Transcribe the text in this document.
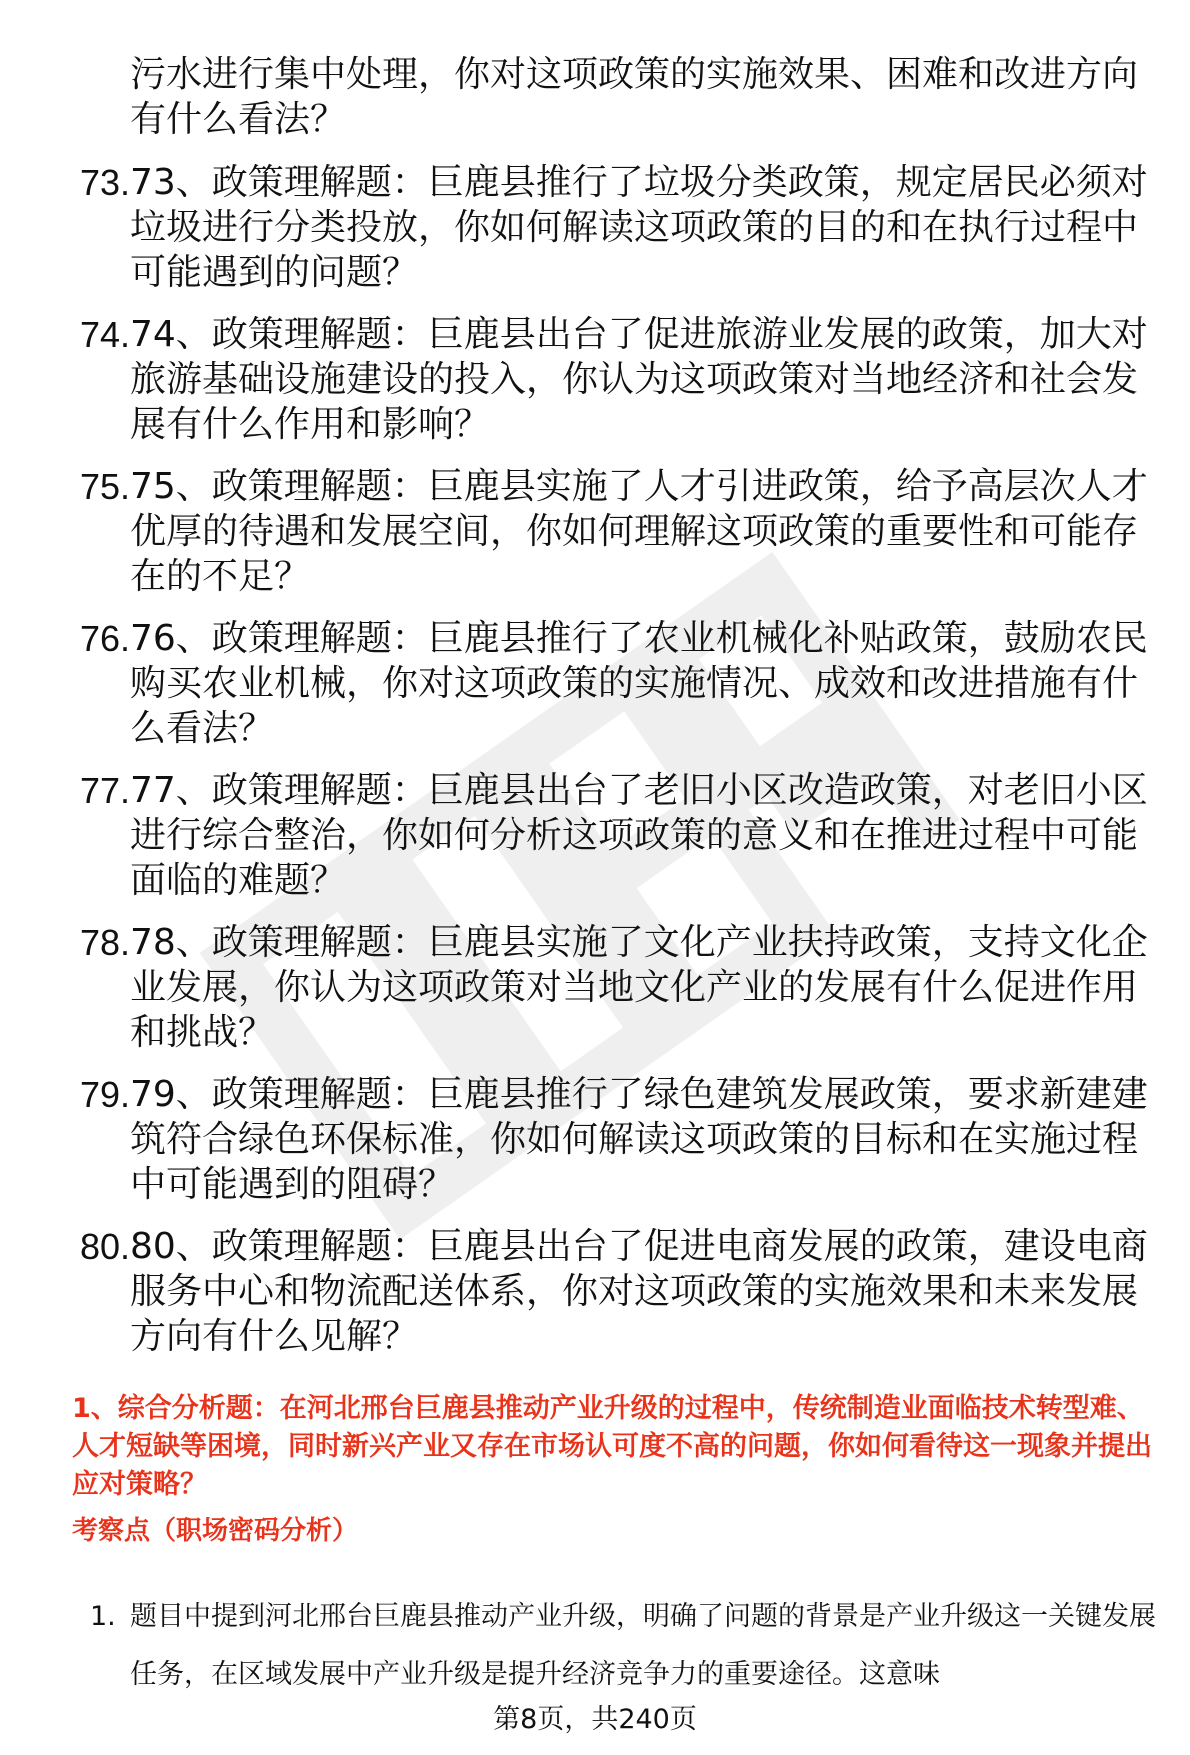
污水进行集中处理，你对这项政策的实施效果、困难和改进方向有什么看法？
73. 73、政策理解题：巨鹿县推行了垃圾分类政策，规定居民必须对垃圾进行分类投放，你如何解读这项政策的目的和在执行过程中可能遇到的问题？
74. 74、政策理解题：巨鹿县出台了促进旅游业发展的政策，加大对旅游基础设施建设的投入，你认为这项政策对当地经济和社会发展有什么作用和影响？
75. 75、政策理解题：巨鹿县实施了人才引进政策，给予高层次人才优厚的待遇和发展空间，你如何理解这项政策的重要性和可能存在的不足？
76. 76、政策理解题：巨鹿县推行了农业机械化补贴政策，鼓励农民购买农业机械，你对这项政策的实施情况、成效和改进措施有什么看法？
77. 77、政策理解题：巨鹿县出台了老旧小区改造政策，对老旧小区进行综合整治，你如何分析这项政策的意义和在推进过程中可能面临的难题？
78. 78、政策理解题：巨鹿县实施了文化产业扶持政策，支持文化企业发展，你认为这项政策对当地文化产业的发展有什么促进作用和挑战？
79. 79、政策理解题：巨鹿县推行了绿色建筑发展政策，要求新建建筑符合绿色环保标准，你如何解读这项政策的目标和在实施过程中可能遇到的阻碍？
80. 80、政策理解题：巨鹿县出台了促进电商发展的政策，建设电商服务中心和物流配送体系，你对这项政策的实施效果和未来发展方向有什么见解？
1、综合分析题：在河北邢台巨鹿县推动产业升级的过程中，传统制造业面临技术转型难、人才短缺等困境，同时新兴产业又存在市场认可度不高的问题，你如何看待这一现象并提出应对策略？
考察点（职场密码分析）
1. 题目中提到河北邢台巨鹿县推动产业升级，明确了问题的背景是产业升级这一关键发展任务，在区域发展中产业升级是提升经济竞争力的重要途径。这意味
第8页，共240页
